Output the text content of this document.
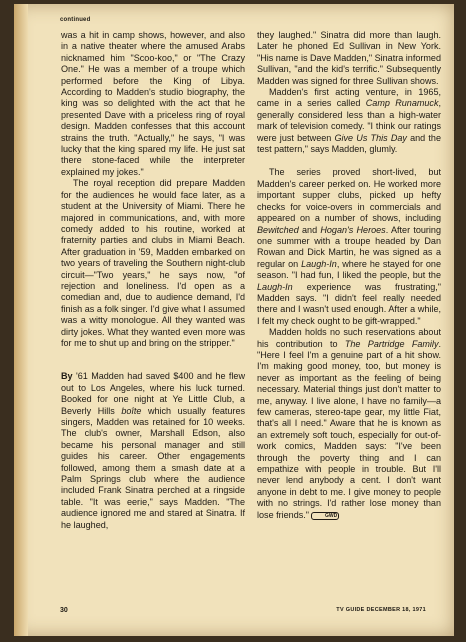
continued

was a hit in camp shows, however, and also in a native theater where the amused Arabs nicknamed him "Scoo-koo," or "The Crazy One." He was a member of a troupe which performed before the King of Libya. According to Madden's studio biography, the king was so delighted with the act that he presented Dave with a priceless ring of royal design. Madden confesses that this account strains the truth. "Actually," he says, "I was lucky that the king spared my life. He just sat there stone-faced while the interpreter explained my jokes."

The royal reception did prepare Madden for the audiences he would face later, as a student at the University of Miami. There he majored in communications, and, with more comedy added to his routine, worked at fraternity parties and clubs in Miami Beach. After graduation in '59, Madden embarked on two years of traveling the Southern night-club circuit—"Two years," he says now, "of rejection and loneliness. I'd open as a comedian and, due to audience demand, I'd finish as a folk singer. I'd give what I assumed was a witty monologue. All they wanted was dirty jokes. What they wanted even more was for me to shut up and bring on the stripper."

By '61 Madden had saved $400 and he flew out to Los Angeles, where his luck turned. Booked for one night at Ye Little Club, a Beverly Hills boîte which usually features singers, Madden was retained for 10 weeks. The club's owner, Marshall Edson, also became his personal manager and still guides his career. Other engagements followed, among them a smash date at a Palm Springs club where the audience included Frank Sinatra perched at a ringside table. "It was eerie," says Madden. "The audience ignored me and stared at Sinatra. If he laughed,

they laughed." Sinatra did more than laugh. Later he phoned Ed Sullivan in New York. "His name is Dave Madden," Sinatra informed Sullivan, "and the kid's terrific." Subsequently Madden was signed for three Sullivan shows.

Madden's first acting venture, in 1965, came in a series called Camp Runamuck, generally considered less than a high-water mark of television comedy. "I think our ratings were just between Give Us This Day and the test pattern," says Madden, glumly.

The series proved short-lived, but Madden's career perked on. He worked more important supper clubs, picked up hefty checks for voice-overs in commercials and appeared on a number of shows, including Bewitched and Hogan's Heroes. After touring one summer with a troupe headed by Dan Rowan and Dick Martin, he was signed as a regular on Laugh-In, where he stayed for one season. "I had fun, I liked the people, but the Laugh-In experience was frustrating," Madden says. "I didn't feel really needed there and I wasn't used enough. After a while, I felt my check ought to be gift-wrapped."

Madden holds no such reservations about his contribution to The Partridge Family. "Here I feel I'm a genuine part of a hit show. I'm making good money, too, but money is never as important as the feeling of being necessary. Material things just don't matter to me, anyway. I live alone, I have no family—a few cameras, stereo-tape gear, my little Fiat, that's all I need." Aware that he is known as an extremely soft touch, especially for out-of-work comics, Madden says: "I've been through the poverty thing and I can empathize with people in trouble. But I'll never lend anybody a cent. I don't want anyone in debt to me. I give money to people with no strings. I'd rather lose money than lose friends."	GWD

30	TV GUIDE DECEMBER 18, 1971
